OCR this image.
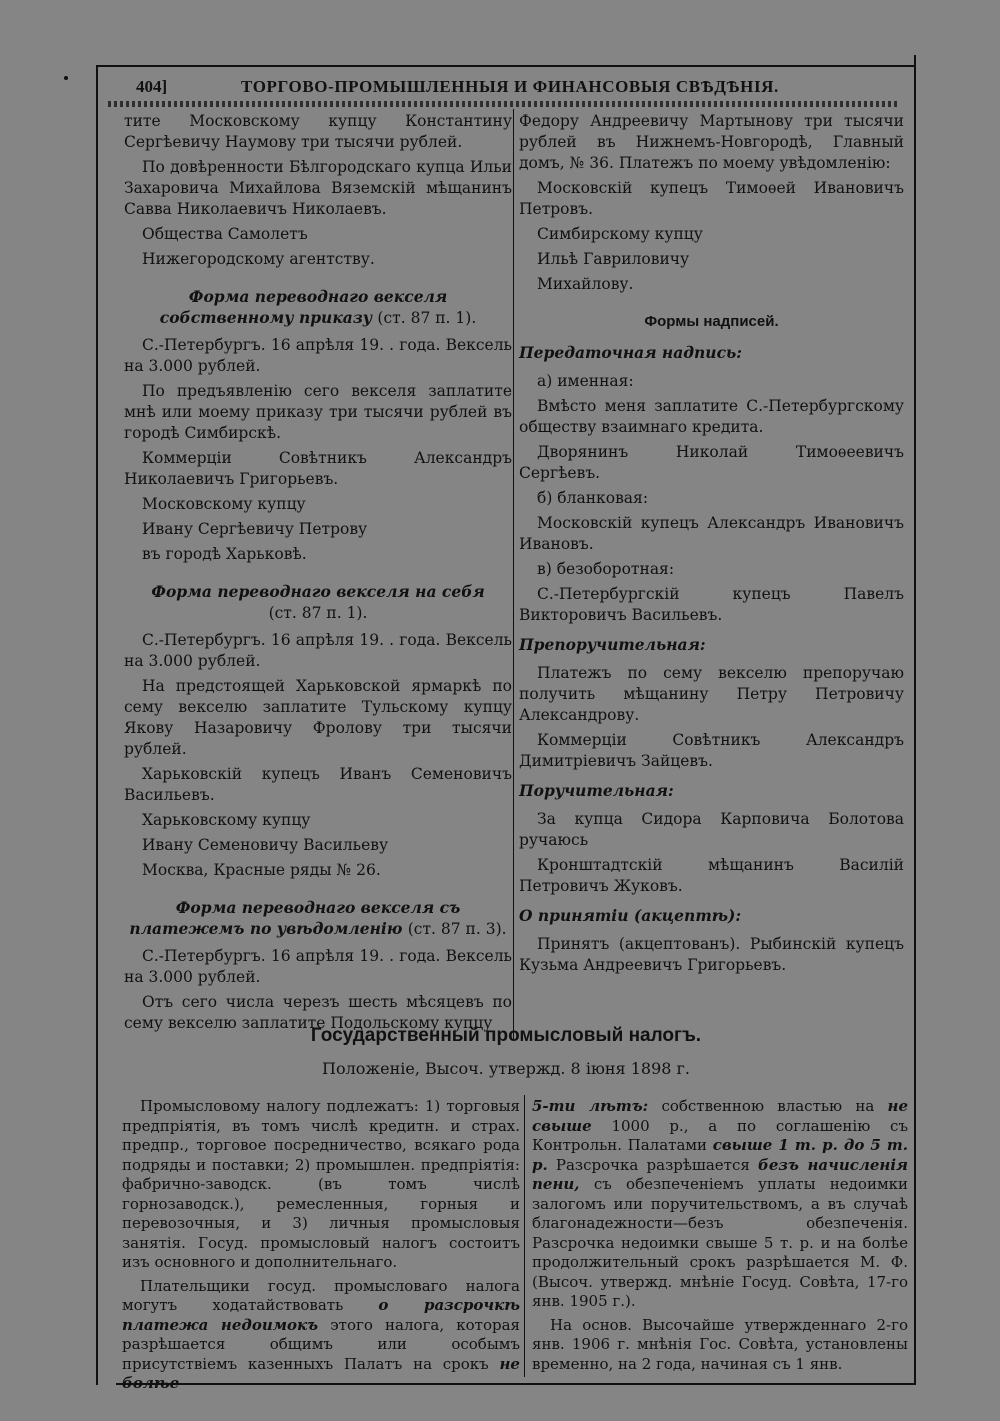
404]	ТОРГОВО-ПРОМЫШЛЕННЫЯ И ФИНАНСОВЫЯ СВѢДѢНІЯ.

тите Московскому купцу Константину Сергѣевичу Наумову три тысячи рублей.

По довѣренности Бѣлгородскаго купца Ильи Захаровича Михайлова Вяземскій мѣщанинъ Савва Николаевичъ Николаевъ.

Общества Самолетъ

Нижегородскому агентству.

Форма переводнаго векселя собственному приказу (ст. 87 п. 1).

С.-Петербургъ. 16 апрѣля 19. . года. Вексель на 3.000 рублей.

По предъявленію сего векселя заплатите мнѣ или моему приказу три тысячи рублей въ городѣ Симбирскѣ.

Коммерціи Совѣтникъ Александръ Николаевичъ Григорьевъ.

Московскому купцу

Ивану Сергѣевичу Петрову

въ городѣ Харьковѣ.

Форма переводнаго векселя на себя
(ст. 87 п. 1).

С.-Петербургъ. 16 апрѣля 19. . года. Вексель на 3.000 рублей.

На предстоящей Харьковской ярмаркѣ по сему векселю заплатите Тульскому купцу Якову Назаровичу Фролову три тысячи рублей.

Харьковскій купецъ Иванъ Семеновичъ Васильевъ.

Харьковскому купцу

Ивану Семеновичу Васильеву

Москва, Красные ряды № 26.

Форма переводнаго векселя съ платежемъ по увѣдомленію (ст. 87 п. 3).

С.-Петербургъ. 16 апрѣля 19. . года. Вексель на 3.000 рублей.

Отъ сего числа черезъ шесть мѣсяцевъ по сему векселю заплатите Подольскому купцу

Федору Андреевичу Мартынову три тысячи рублей въ Нижнемъ-Новгородѣ, Главный домъ, № 36. Платежъ по моему увѣдомленію:

Московскій купецъ Тимоѳей Ивановичъ Петровъ.

Симбирскому купцу

Ильѣ Гавриловичу

Михайлову.

Формы надписей.
Передаточная надпись:

а) именная:

Вмѣсто меня заплатите С.-Петербургскому обществу взаимнаго кредита.

Дворянинъ Николай Тимоѳеевичъ Сергѣевъ.

б) бланковая:

Московскій купецъ Александръ Ивановичъ Ивановъ.

в) безоборотная:

С.-Петербургскій купецъ Павелъ Викторовичъ Васильевъ.

Препоручительная:

Платежъ по сему векселю препоручаю получить мѣщанину Петру Петровичу Александрову.

Коммерціи Совѣтникъ Александръ Димитріевичъ Зайцевъ.

Поручительная:

За купца Сидора Карповича Болотова ручаюсь

Кронштадтскій мѣщанинъ Василій Петровичъ Жуковъ.

О принятіи (акцептѣ):

Принятъ (акцептованъ). Рыбинскій купецъ Кузьма Андреевичъ Григорьевъ.

Государственный промысловый налогъ.
Положеніе, Высоч. утвержд. 8 іюня 1898 г.

Промысловому налогу подлежатъ: 1) торговыя предпріятія, въ томъ числѣ кредитн. и страх. предпр., торговое посредничество, всякаго рода подряды и поставки; 2) промышлен. предпріятія: фабрично-заводск. (въ томъ числѣ горнозаводск.), ремесленныя, горныя и перевозочныя, и 3) личныя промысловыя занятія. Госуд. промысловый налогъ состоитъ изъ основного и дополнительнаго.

Плательщики госуд. промысловаго налога могутъ ходатайствовать о разсрочкѣ платежа недоимокъ этого налога, которая разрѣшается общимъ или особымъ присутствіемъ казенныхъ Палатъ на срокъ не болѣе

5-ти лѣтъ: собственною властью на не свыше 1000 р., а по соглашенію съ Контрольн. Палатами свыше 1 т. р. до 5 т. р. Разсрочка разрѣшается безъ начисленія пени, съ обезпеченіемъ уплаты недоимки залогомъ или поручительствомъ, а въ случаѣ благонадежности—безъ обезпеченія. Разсрочка недоимки свыше 5 т. р. и на болѣе продолжительный срокъ разрѣшается М. Ф. (Высоч. утвержд. мнѣніе Госуд. Совѣта, 17-го янв. 1905 г.).

На основ. Высочайше утвержденнаго 2-го янв. 1906 г. мнѣнія Гос. Совѣта, установлены временно, на 2 года, начиная съ 1 янв.
